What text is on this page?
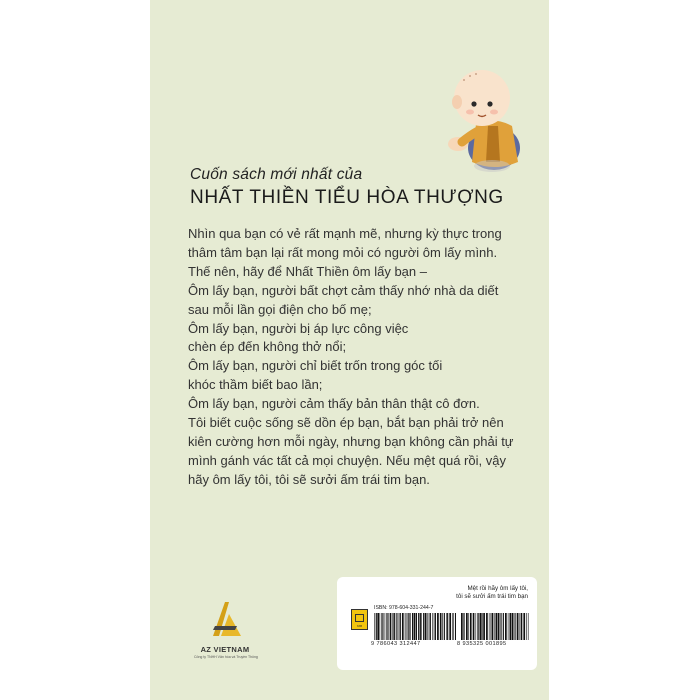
Cuốn sách mới nhất của
NHẤT THIỀN TIỂU HÒA THƯỢNG
Nhìn qua bạn có vẻ rất mạnh mẽ, nhưng kỳ thực trong
thâm tâm bạn lại rất mong mỏi có người ôm lấy mình.
Thế nên, hãy để Nhất Thiền ôm lấy bạn –
Ôm lấy bạn, người bất chợt cảm thấy nhớ nhà da diết
sau mỗi lần gọi điện cho bố mẹ;
Ôm lấy bạn, người bị áp lực công việc
chèn ép đến không thở nổi;
Ôm lấy bạn, người chỉ biết trốn trong góc tối
khóc thầm biết bao lần;
Ôm lấy bạn, người cảm thấy bản thân thật cô đơn.
Tôi biết cuộc sống sẽ dồn ép bạn, bắt bạn phải trở nên
kiên cường hơn mỗi ngày, nhưng bạn không cần phải tự
mình gánh vác tất cả mọi chuyện. Nếu mệt quá rồi, vậy
hãy ôm lấy tôi, tôi sẽ sưởi ấm trái tim bạn.
AZ VIETNAM
Công ty TNHH Văn hóa và Truyền Thông
Mệt rồi hãy ôm lấy tôi,
tôi sẽ sưởi ấm trái tim bạn
NXB
ISBN: 978-604-331-244-7
9 786043 312447	8 935325 001895
